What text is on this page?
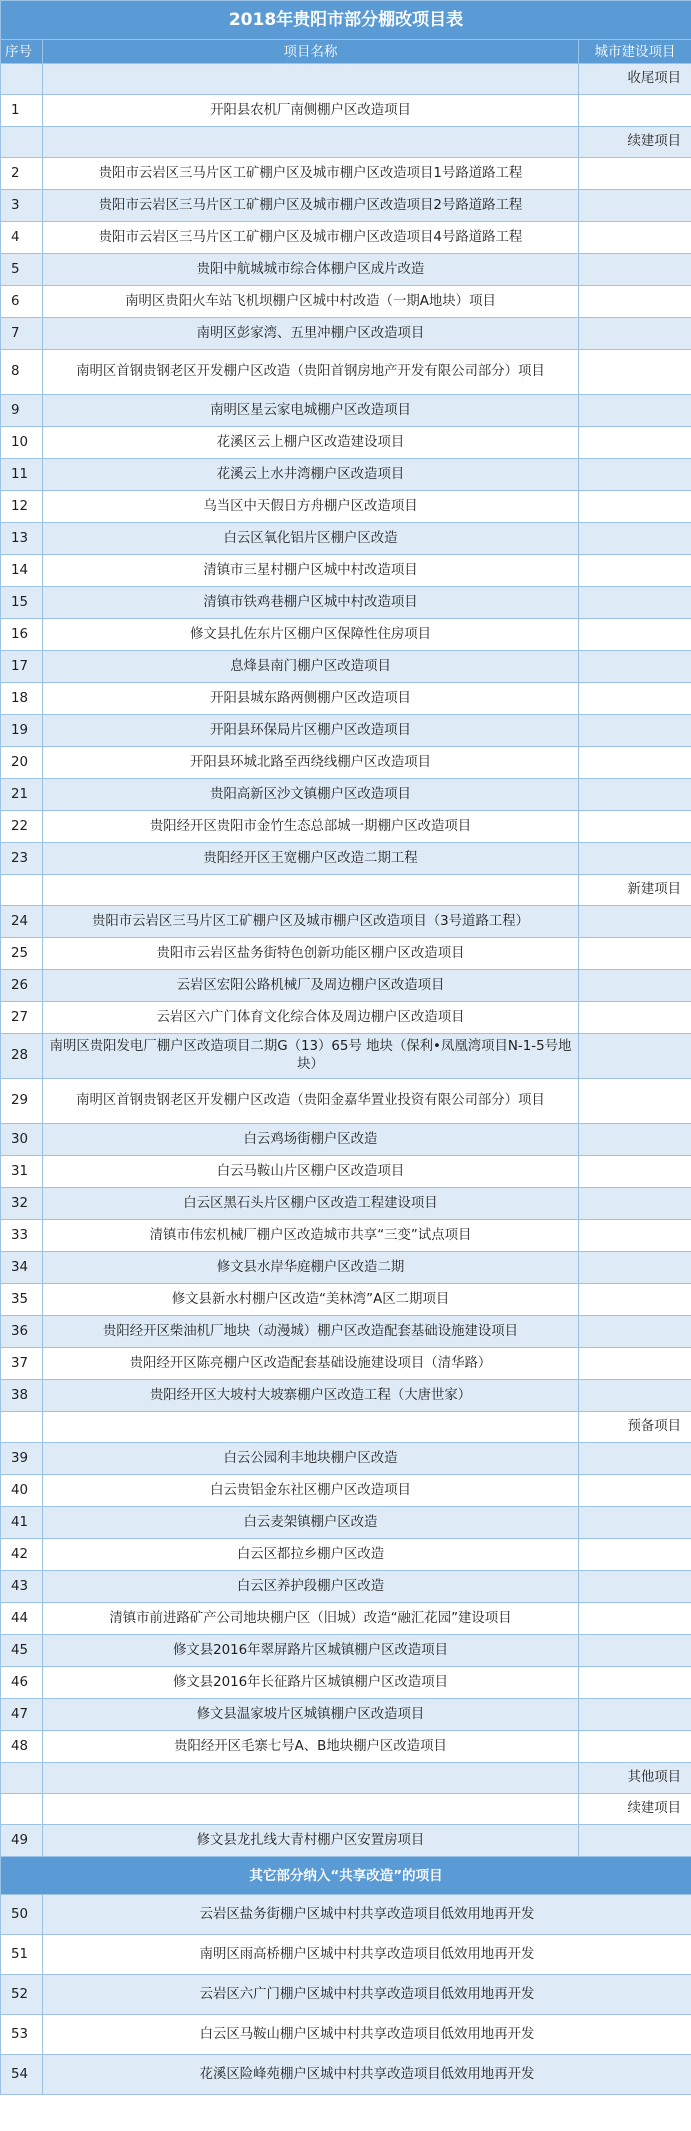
2018年贵阳市部分棚改项目表		
序号	项目名称	城市建设项目
		收尾项目
1	开阳县农机厂南侧棚户区改造项目	
		续建项目
2	贵阳市云岩区三马片区工矿棚户区及城市棚户区改造项目1号路道路工程	
3	贵阳市云岩区三马片区工矿棚户区及城市棚户区改造项目2号路道路工程	
4	贵阳市云岩区三马片区工矿棚户区及城市棚户区改造项目4号路道路工程	
5	贵阳中航城城市综合体棚户区成片改造	
6	南明区贵阳火车站飞机坝棚户区城中村改造（一期A地块）项目	
7	南明区彭家湾、五里冲棚户区改造项目	
8	南明区首钢贵钢老区开发棚户区改造（贵阳首钢房地产开发有限公司部分）项目	
9	南明区星云家电城棚户区改造项目	
10	花溪区云上棚户区改造建设项目	
11	花溪云上水井湾棚户区改造项目	
12	乌当区中天假日方舟棚户区改造项目	
13	白云区氧化铝片区棚户区改造	
14	清镇市三星村棚户区城中村改造项目	
15	清镇市铁鸡巷棚户区城中村改造项目	
16	修文县扎佐东片区棚户区保障性住房项目	
17	息烽县南门棚户区改造项目	
18	开阳县城东路两侧棚户区改造项目	
19	开阳县环保局片区棚户区改造项目	
20	开阳县环城北路至西绕线棚户区改造项目	
21	贵阳高新区沙文镇棚户区改造项目	
22	贵阳经开区贵阳市金竹生态总部城一期棚户区改造项目	
23	贵阳经开区王宽棚户区改造二期工程	
		新建项目
24	贵阳市云岩区三马片区工矿棚户区及城市棚户区改造项目（3号道路工程）	
25	贵阳市云岩区盐务街特色创新功能区棚户区改造项目	
26	云岩区宏阳公路机械厂及周边棚户区改造项目	
27	云岩区六广门体育文化综合体及周边棚户区改造项目	
28	南明区贵阳发电厂棚户区改造项目二期G（13）65号 地块（保利•凤凰湾项目N-1-5号地块）	
29	南明区首钢贵钢老区开发棚户区改造（贵阳金嘉华置业投资有限公司部分）项目	
30	白云鸡场街棚户区改造	
31	白云马鞍山片区棚户区改造项目	
32	白云区黑石头片区棚户区改造工程建设项目	
33	清镇市伟宏机械厂棚户区改造城市共享“三变”试点项目	
34	修文县水岸华庭棚户区改造二期	
35	修文县新水村棚户区改造“美林湾”A区二期项目	
36	贵阳经开区柴油机厂地块（动漫城）棚户区改造配套基础设施建设项目	
37	贵阳经开区陈亮棚户区改造配套基础设施建设项目（清华路）	
38	贵阳经开区大坡村大坡寨棚户区改造工程（大唐世家）	
		预备项目
39	白云公园利丰地块棚户区改造	
40	白云贵铝金东社区棚户区改造项目	
41	白云麦架镇棚户区改造	
42	白云区都拉乡棚户区改造	
43	白云区养护段棚户区改造	
44	清镇市前进路矿产公司地块棚户区（旧城）改造“融汇花园”建设项目	
45	修文县2016年翠屏路片区城镇棚户区改造项目	
46	修文县2016年长征路片区城镇棚户区改造项目	
47	修文县温家坡片区城镇棚户区改造项目	
48	贵阳经开区毛寨七号A、B地块棚户区改造项目	
		其他项目
		续建项目
49	修文县龙扎线大青村棚户区安置房项目	
其它部分纳入“共享改造”的项目		
50	云岩区盐务街棚户区城中村共享改造项目低效用地再开发	
51	南明区雨高桥棚户区城中村共享改造项目低效用地再开发	
52	云岩区六广门棚户区城中村共享改造项目低效用地再开发	
53	白云区马鞍山棚户区城中村共享改造项目低效用地再开发	
54	花溪区险峰苑棚户区城中村共享改造项目低效用地再开发	
